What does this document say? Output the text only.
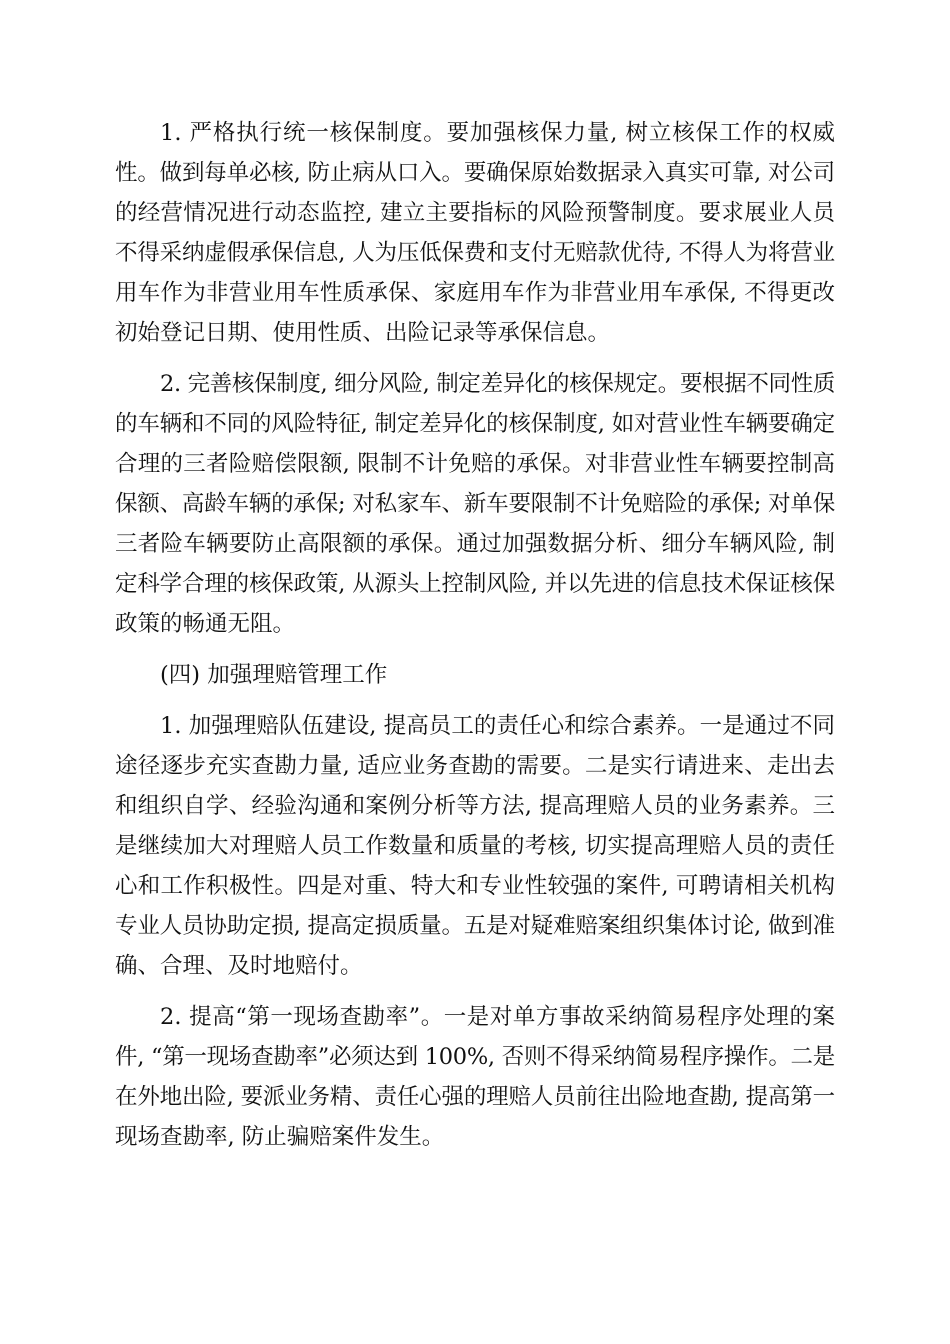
1. 严格执行统一核保制度。要加强核保力量, 树立核保工作的权威
性。做到每单必核, 防止病从口入。要确保原始数据录入真实可靠, 对公司
的经营情况进行动态监控, 建立主要指标的风险预警制度。要求展业人员
不得采纳虚假承保信息, 人为压低保费和支付无赔款优待, 不得人为将营业
用车作为非营业用车性质承保、家庭用车作为非营业用车承保, 不得更改
初始登记日期、使用性质、出险记录等承保信息。

2. 完善核保制度, 细分风险, 制定差异化的核保规定。要根据不同性质
的车辆和不同的风险特征, 制定差异化的核保制度, 如对营业性车辆要确定
合理的三者险赔偿限额, 限制不计免赔的承保。对非营业性车辆要控制高
保额、高龄车辆的承保; 对私家车、新车要限制不计免赔险的承保; 对单保
三者险车辆要防止高限额的承保。通过加强数据分析、细分车辆风险, 制
定科学合理的核保政策, 从源头上控制风险, 并以先进的信息技术保证核保
政策的畅通无阻。

(四) 加强理赔管理工作

1. 加强理赔队伍建设, 提高员工的责任心和综合素养。一是通过不同
途径逐步充实查勘力量, 适应业务查勘的需要。二是实行请进来、走出去
和组织自学、经验沟通和案例分析等方法, 提高理赔人员的业务素养。三
是继续加大对理赔人员工作数量和质量的考核, 切实提高理赔人员的责任
心和工作积极性。四是对重、特大和专业性较强的案件, 可聘请相关机构
专业人员协助定损, 提高定损质量。五是对疑难赔案组织集体讨论, 做到准
确、合理、及时地赔付。

2. 提高“第一现场查勘率”。一是对单方事故采纳简易程序处理的案
件, “第一现场查勘率”必须达到 100%, 否则不得采纳简易程序操作。二是
在外地出险, 要派业务精、责任心强的理赔人员前往出险地查勘, 提高第一
现场查勘率, 防止骗赔案件发生。
